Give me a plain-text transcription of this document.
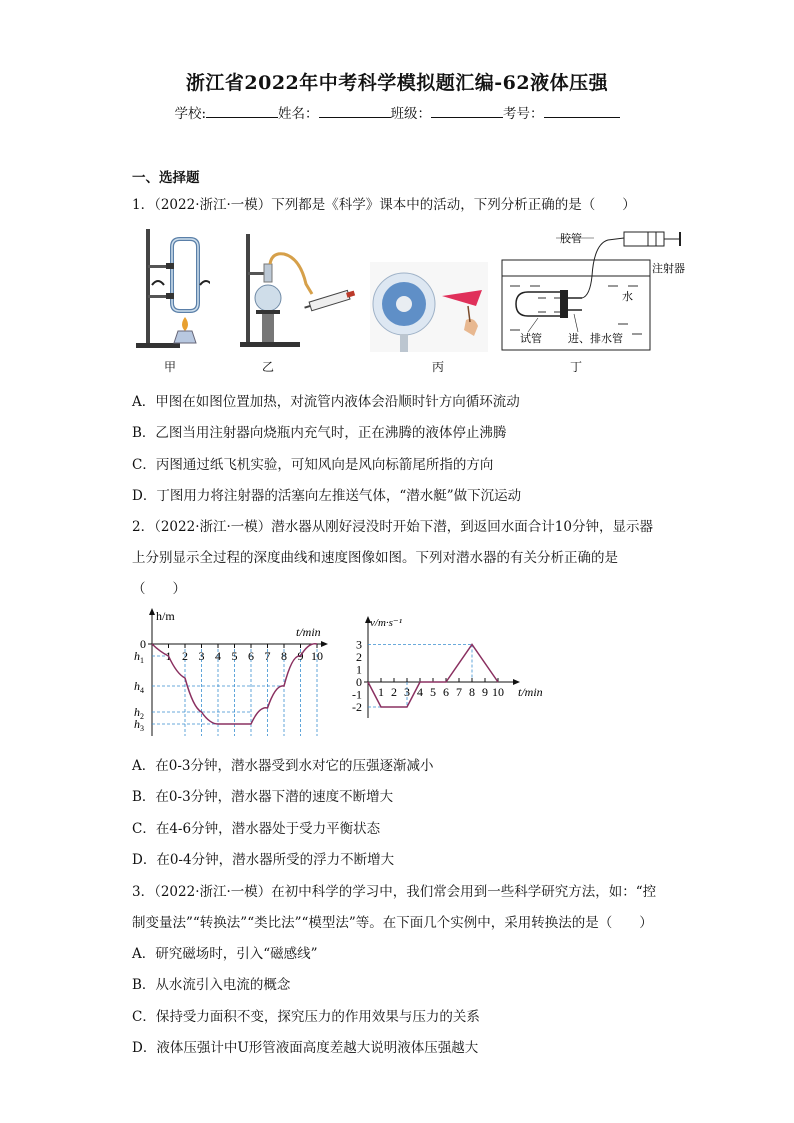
浙江省2022年中考科学模拟题汇编-62液体压强
学校:	姓名：	班级：	考号：
一、选择题
1．（2022·浙江·一模）下列都是《科学》课本中的活动，下列分析正确的是（　　）
甲	乙	丙
胶管
注射器
水
试管 进、排水管
丁
A．甲图在如图位置加热，对流管内液体会沿顺时针方向循环流动
B．乙图当用注射器向烧瓶内充气时，正在沸腾的液体停止沸腾
C．丙图通过纸飞机实验，可知风向是风向标箭尾所指的方向
D．丁图用力将注射器的活塞向左推送气体，“潜水艇”做下沉运动
2．（2022·浙江·一模）潜水器从刚好浸没时开始下潜，到返回水面合计10分钟，显示器
上分别显示全过程的深度曲线和速度图像如图。下列对潜水器的有关分析正确的是
（　　）
h/m
t/min
1 2 3 4 5 6 7 8 9 10
0
$h_1$
$h_4$
$h_2$
$h_3$
v/m·s⁻¹
t/min
1 2 3 4 5 6 7 8 9 10
3
2
1
0
-1
-2
A．在0-3分钟，潜水器受到水对它的压强逐渐减小
B．在0-3分钟，潜水器下潜的速度不断增大
C．在4-6分钟，潜水器处于受力平衡状态
D．在0-4分钟，潜水器所受的浮力不断增大
3．（2022·浙江·一模）在初中科学的学习中，我们常会用到一些科学研究方法，如：“控
制变量法”“转换法”“类比法”“模型法”等。在下面几个实例中，采用转换法的是（　　）
A．研究磁场时，引入“磁感线”
B．从水流引入电流的概念
C．保持受力面积不变，探究压力的作用效果与压力的关系
D．液体压强计中U形管液面高度差越大说明液体压强越大
